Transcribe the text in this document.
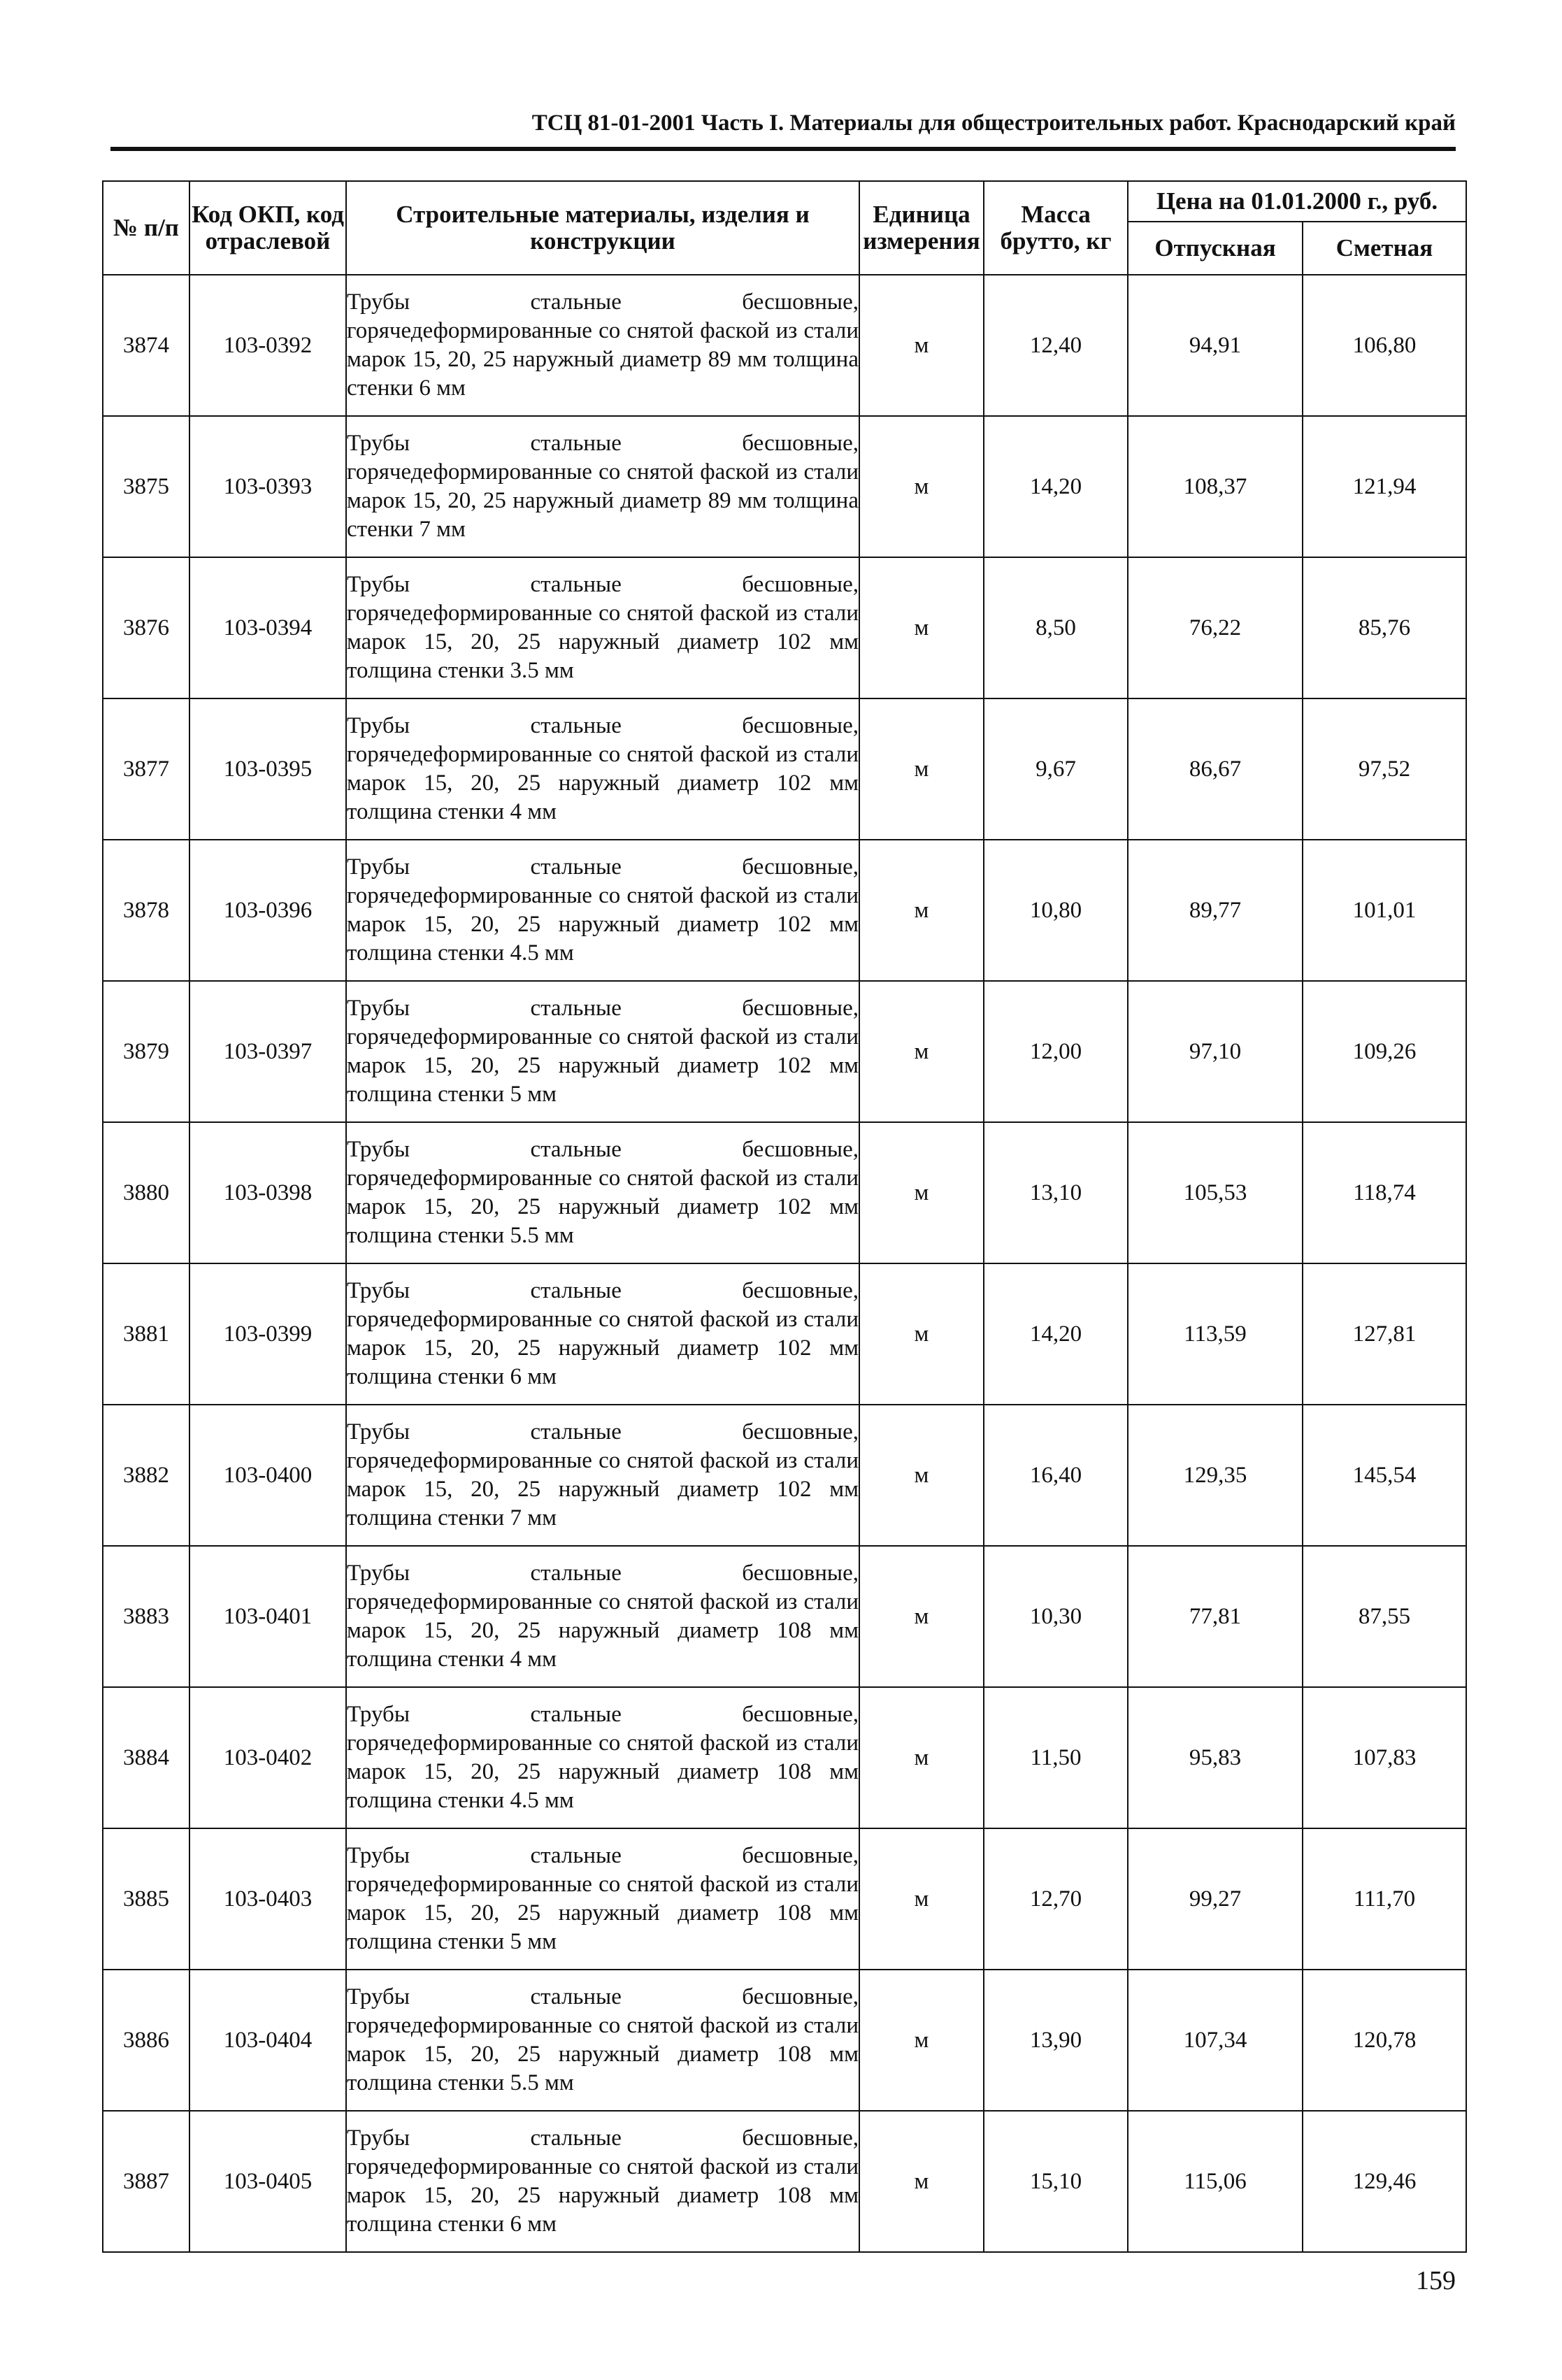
ТСЦ 81-01-2001 Часть I. Материалы для общестроительных работ. Краснодарский край
№ п/п	Код ОКП, код отраслевой	Строительные материалы, изделия и конструкции	Единица измерения	Масса брутто, кг	Цена на 01.01.2000 г., руб.	
					Отпускная	Сметная
3874	103-0392	Трубы стальные бесшовные, горячедеформированные со снятой фаской из стали марок 15, 20, 25 наружный диаметр 89 мм толщина стенки 6 мм	м	12,40	94,91	106,80
3875	103-0393	Трубы стальные бесшовные, горячедеформированные со снятой фаской из стали марок 15, 20, 25 наружный диаметр 89 мм толщина стенки 7 мм	м	14,20	108,37	121,94
3876	103-0394	Трубы стальные бесшовные, горячедеформированные со снятой фаской из стали марок 15, 20, 25 наружный диаметр 102 мм толщина стенки 3.5 мм	м	8,50	76,22	85,76
3877	103-0395	Трубы стальные бесшовные, горячедеформированные со снятой фаской из стали марок 15, 20, 25 наружный диаметр 102 мм толщина стенки 4 мм	м	9,67	86,67	97,52
3878	103-0396	Трубы стальные бесшовные, горячедеформированные со снятой фаской из стали марок 15, 20, 25 наружный диаметр 102 мм толщина стенки 4.5 мм	м	10,80	89,77	101,01
3879	103-0397	Трубы стальные бесшовные, горячедеформированные со снятой фаской из стали марок 15, 20, 25 наружный диаметр 102 мм толщина стенки 5 мм	м	12,00	97,10	109,26
3880	103-0398	Трубы стальные бесшовные, горячедеформированные со снятой фаской из стали марок 15, 20, 25 наружный диаметр 102 мм толщина стенки 5.5 мм	м	13,10	105,53	118,74
3881	103-0399	Трубы стальные бесшовные, горячедеформированные со снятой фаской из стали марок 15, 20, 25 наружный диаметр 102 мм толщина стенки 6 мм	м	14,20	113,59	127,81
3882	103-0400	Трубы стальные бесшовные, горячедеформированные со снятой фаской из стали марок 15, 20, 25 наружный диаметр 102 мм толщина стенки 7 мм	м	16,40	129,35	145,54
3883	103-0401	Трубы стальные бесшовные, горячедеформированные со снятой фаской из стали марок 15, 20, 25 наружный диаметр 108 мм толщина стенки 4 мм	м	10,30	77,81	87,55
3884	103-0402	Трубы стальные бесшовные, горячедеформированные со снятой фаской из стали марок 15, 20, 25 наружный диаметр 108 мм толщина стенки 4.5 мм	м	11,50	95,83	107,83
3885	103-0403	Трубы стальные бесшовные, горячедеформированные со снятой фаской из стали марок 15, 20, 25 наружный диаметр 108 мм толщина стенки 5 мм	м	12,70	99,27	111,70
3886	103-0404	Трубы стальные бесшовные, горячедеформированные со снятой фаской из стали марок 15, 20, 25 наружный диаметр 108 мм толщина стенки 5.5 мм	м	13,90	107,34	120,78
3887	103-0405	Трубы стальные бесшовные, горячедеформированные со снятой фаской из стали марок 15, 20, 25 наружный диаметр 108 мм толщина стенки 6 мм	м	15,10	115,06	129,46
159
